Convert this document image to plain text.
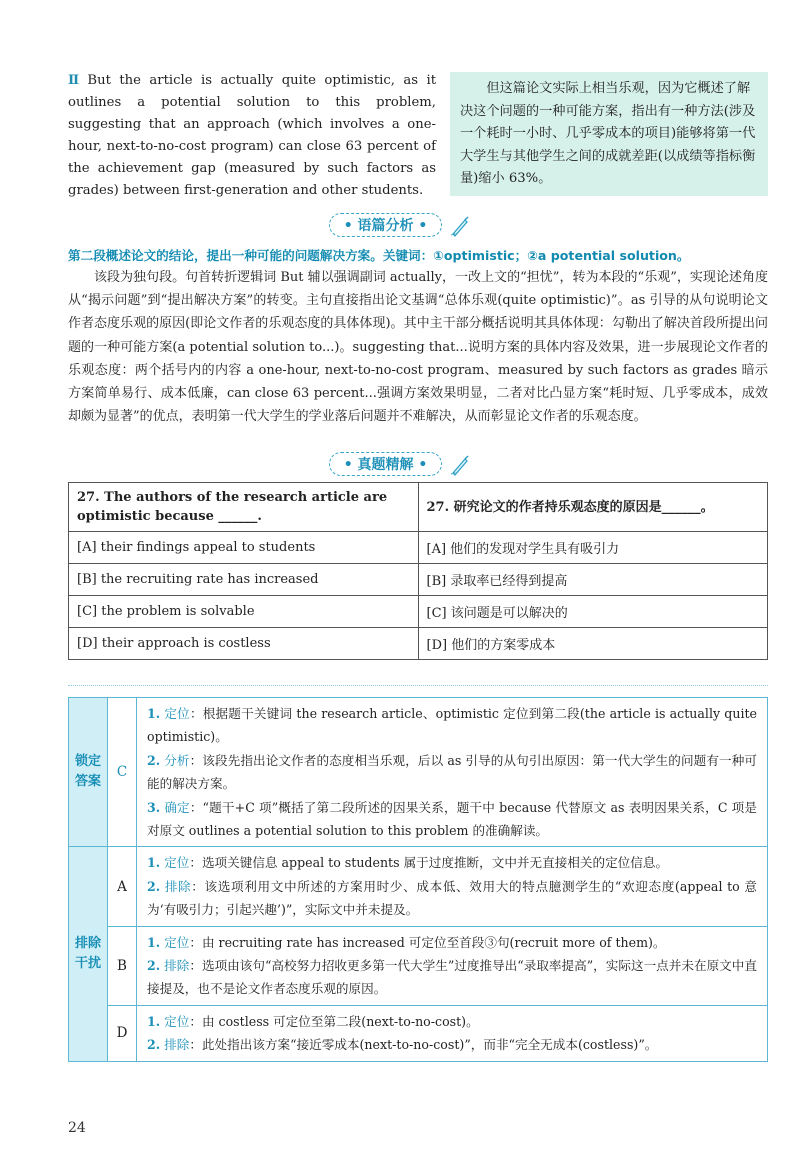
Ⅱ But the article is actually quite optimistic, as it outlines a potential solution to this problem, suggesting that an approach (which involves a one-hour, next-to-no-cost program) can close 63 percent of the achievement gap (measured by such factors as grades) between first-generation and other students.
但这篇论文实际上相当乐观，因为它概述了解决这个问题的一种可能方案，指出有一种方法(涉及一个耗时一小时、几乎零成本的项目)能够将第一代大学生与其他学生之间的成就差距(以成绩等指标衡量)缩小 63%。
• 语篇分析 •
第二段概述论文的结论，提出一种可能的问题解决方案。关键词：①optimistic；②a potential solution。
该段为独句段。句首转折逻辑词 But 辅以强调副词 actually，一改上文的“担忧”，转为本段的“乐观”，实现论述角度从“揭示问题”到“提出解决方案”的转变。主句直接指出论文基调“总体乐观(quite optimistic)”。as 引导的从句说明论文作者态度乐观的原因(即论文作者的乐观态度的具体体现)。其中主干部分概括说明其具体体现：勾勒出了解决首段所提出问题的一种可能方案(a potential solution to...)。suggesting that...说明方案的具体内容及效果，进一步展现论文作者的乐观态度：两个括号内的内容 a one-hour, next-to-no-cost program、measured by such factors as grades 暗示方案简单易行、成本低廉，can close 63 percent...强调方案效果明显，二者对比凸显方案“耗时短、几乎零成本，成效却颇为显著”的优点，表明第一代大学生的学业落后问题并不难解决，从而彰显论文作者的乐观态度。
• 真题精解 •
27. The authors of the research article are optimistic because ______.	27. 研究论文的作者持乐观态度的原因是______。
[A] their findings appeal to students	[A] 他们的发现对学生具有吸引力
[B] the recruiting rate has increased	[B] 录取率已经得到提高
[C] the problem is solvable	[C] 该问题是可以解决的
[D] their approach is costless	[D] 他们的方案零成本
锁定答案	C	1. 定位：根据题干关键词 the research article、optimistic 定位到第二段(the article is actually quite optimistic)。
2. 分析：该段先指出论文作者的态度相当乐观，后以 as 引导的从句引出原因：第一代大学生的问题有一种可能的解决方案。
3. 确定：“题干+C 项”概括了第二段所述的因果关系，题干中 because 代替原文 as 表明因果关系，C 项是对原文 outlines a potential solution to this problem 的准确解读。

排除干扰	A	1. 定位：选项关键信息 appeal to students 属于过度推断，文中并无直接相关的定位信息。
2. 排除：该选项利用文中所述的方案用时少、成本低、效用大的特点臆测学生的“欢迎态度(appeal to 意为‘有吸引力；引起兴趣’)”，实际文中并未提及。

	B	1. 定位：由 recruiting rate has increased 可定位至首段③句(recruit more of them)。
2. 排除：选项由该句“高校努力招收更多第一代大学生”过度推导出“录取率提高”，实际这一点并未在原文中直接提及，也不是论文作者态度乐观的原因。

	D	1. 定位：由 costless 可定位至第二段(next-to-no-cost)。
2. 排除：此处指出该方案“接近零成本(next-to-no-cost)”，而非“完全无成本(costless)”。
24
